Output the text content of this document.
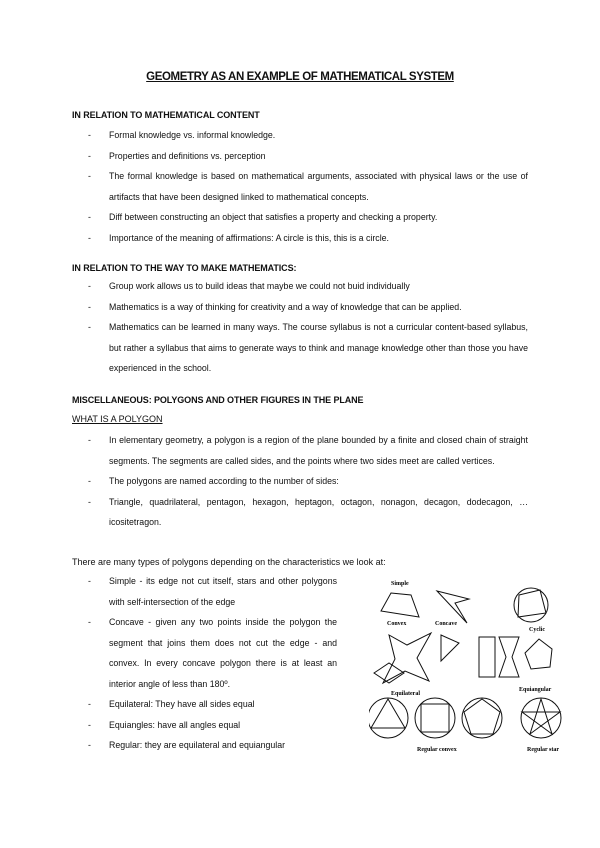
GEOMETRY AS AN EXAMPLE OF MATHEMATICAL SYSTEM
IN RELATION TO MATHEMATICAL CONTENT
- Formal knowledge vs. informal knowledge.
- Properties and definitions vs. perception
- The formal knowledge is based on mathematical arguments, associated with physical laws or the use of artifacts that have been designed linked to mathematical concepts.
- Diff between constructing an object that satisfies a property and checking a property.
- Importance of the meaning of affirmations: A circle is this, this is a circle.
IN RELATION TO THE WAY TO MAKE MATHEMATICS:
- Group work allows us to build ideas that maybe we could not buid individually
- Mathematics is a way of thinking for creativity and a way of knowledge that can be applied.
- Mathematics can be learned in many ways. The course syllabus is not a curricular content-based syllabus, but rather a syllabus that aims to generate ways to think and manage knowledge other than those you have experienced in the school.
MISCELLANEOUS: POLYGONS AND OTHER FIGURES IN THE PLANE
WHAT IS A POLYGON
- In elementary geometry, a polygon is a region of the plane bounded by a finite and closed chain of straight segments. The segments are called sides, and the points where two sides meet are called vertices.
- The polygons are named according to the number of sides:
- Triangle, quadrilateral, pentagon, hexagon, heptagon, octagon, nonagon, decagon, dodecagon, … icositetragon.
There are many types of polygons depending on the characteristics we look at:
- Simple - its edge not cut itself, stars and other polygons with self-intersection of the edge
- Concave - given any two points inside the polygon the segment that joins them does not cut the edge - and convex. In every concave polygon there is at least an interior angle of less than 180º.
- Equilateral: They have all sides equal
- Equiangles: have all angles equal
- Regular: they are equilateral and equiangular
Simple
Convex	Concave
Cyclic
Equilateral
Equiangular
Regular convex	Regular star
